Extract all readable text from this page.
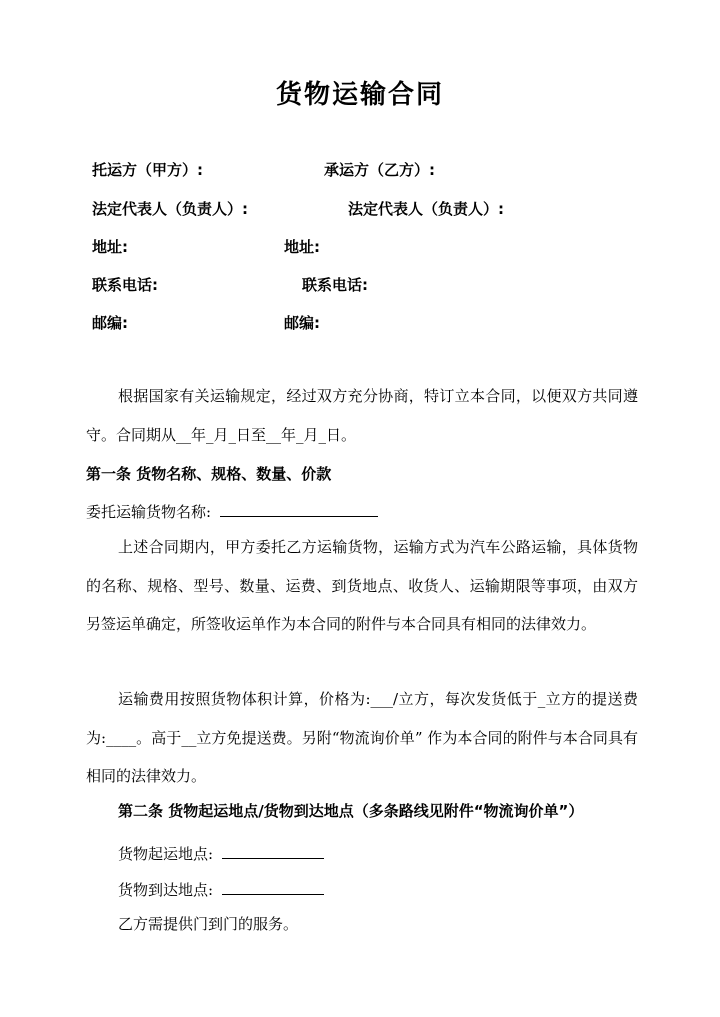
货物运输合同
托运方（甲方）:	承运方（乙方）:
法定代表人（负责人）:	法定代表人（负责人）:
地址:	地址:
联系电话:	联系电话:
邮编:	邮编:
根据国家有关运输规定，经过双方充分协商，特订立本合同，以便双方共同遵守。合同期从__年_月_日至__年_月_日。
第一条 货物名称、规格、数量、价款
委托运输货物名称:
上述合同期内，甲方委托乙方运输货物，运输方式为汽车公路运输，具体货物的名称、规格、型号、数量、运费、到货地点、收货人、运输期限等事项，由双方另签运单确定，所签收运单作为本合同的附件与本合同具有相同的法律效力。
运输费用按照货物体积计算，价格为:___/立方，每次发货低于_立方的提送费为:____。高于__立方免提送费。另附“物流询价单” 作为本合同的附件与本合同具有相同的法律效力。
第二条 货物起运地点/货物到达地点（多条路线见附件“物流询价单”）
货物起运地点:
货物到达地点:
乙方需提供门到门的服务。
